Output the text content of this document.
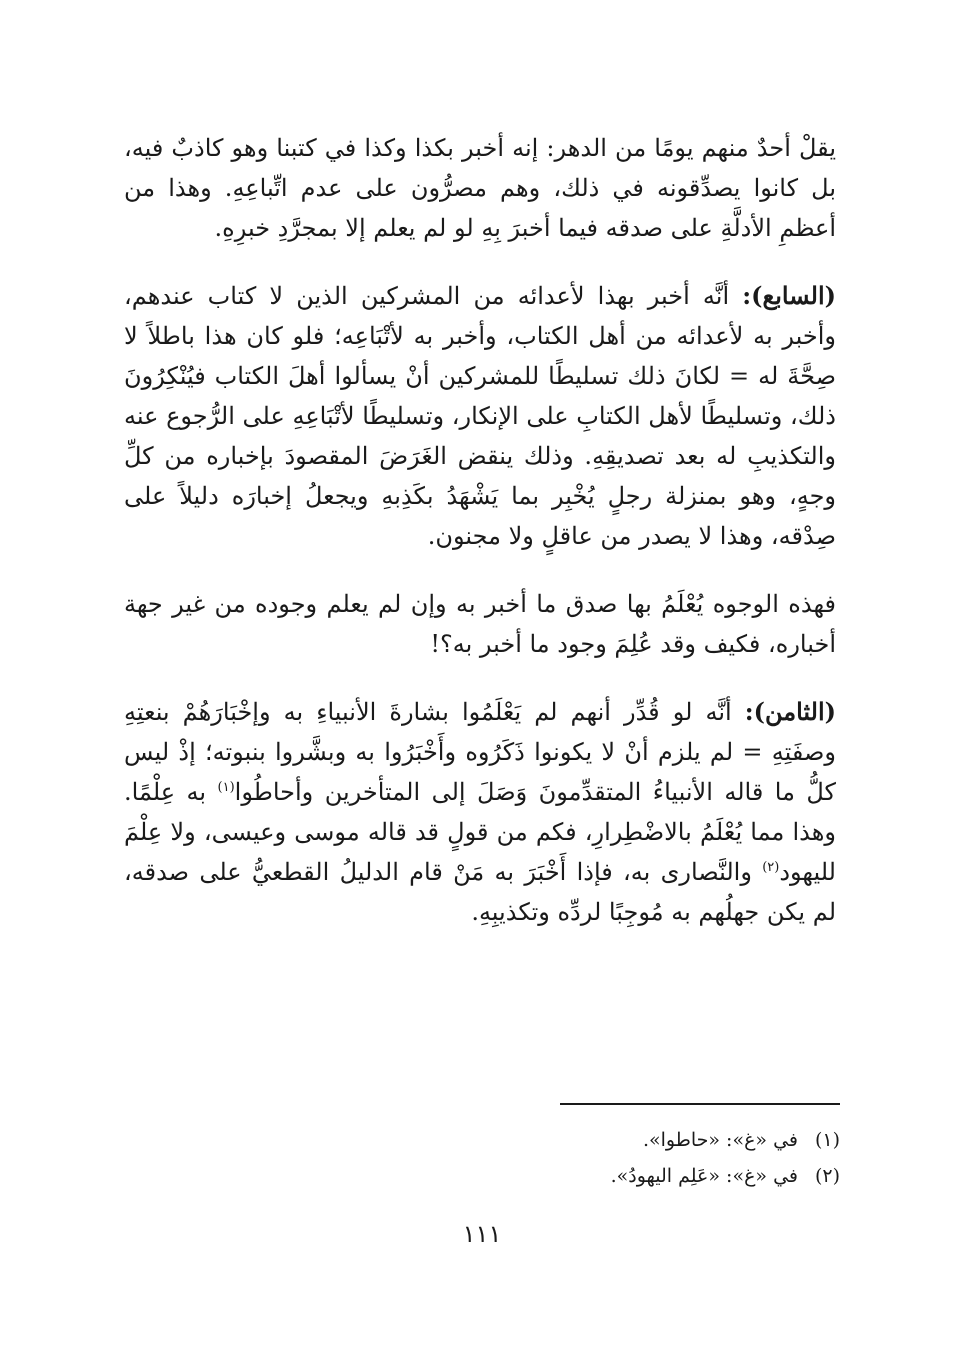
يقلْ أحدٌ منهم يومًا من الدهر: إنه أخبر بكذا وكذا في كتبنا وهو كاذبٌ فيه، بل كانوا يصدِّقونه في ذلك، وهم مصرُّون على عدم اتِّباعِهِ. وهذا من أعظمِ الأدلَّةِ على صدقه فيما أخبرَ بِهِ لو لم يعلم إلا بمجرَّدِ خبرِهِ.

(السابع): أنَّه أخبر بهذا لأعدائه من المشركين الذين لا كتاب عندهم، وأخبر به لأعدائه من أهل الكتاب، وأخبر به لأتْبَاعِه؛ فلو كان هذا باطلاً لا صِحَّةَ له = لكانَ ذلك تسليطًا للمشركين أنْ يسألوا أهلَ الكتاب فيُنْكِرُونَ ذلك، وتسليطًا لأهل الكتابِ على الإنكار، وتسليطًا لأتْبَاعِهِ على الرُّجوع عنه والتكذيبِ له بعد تصديقِهِ. وذلك ينقض الغَرَضَ المقصودَ بإخباره من كلِّ وجهٍ، وهو بمنزلة رجلٍ يُخْبِر بما يَشْهَدُ بكَذِبهِ ويجعلُ إخبارَه دليلاً على صِدْقه، وهذا لا يصدر من عاقلٍ ولا مجنون.

فهذه الوجوه يُعْلَمُ بها صدق ما أخبر به وإن لم يعلم وجوده من غير جهة أخباره، فكيف وقد عُلِمَ وجود ما أخبر به؟!

(الثامن): أنَّه لو قُدِّر أنهم لم يَعْلَمُوا بشارةَ الأنبياءِ به وإخْبَارَهُمْ بنعتِهِ وصفَتِهِ = لم يلزم أنْ لا يكونوا ذَكَرُوه وأَخْبَرُوا به وبشَّروا بنبوته؛ إذْ ليس كلُّ ما قاله الأنبياءُ المتقدِّمونَ وَصَلَ إلى المتأخرين وأحاطُوا$^{(١)}$ به عِلْمًا. وهذا مما يُعْلَمُ بالاضْطِرارِ، فكم من قولٍ قد قاله موسى وعيسى، ولا عِلْمَ لليهود$^{(٢)}$ والنَّصارى به، فإذا أَخْبَرَ به مَنْ قام الدليلُ القطعيُّ على صدقه، لم يكن جهلُهم به مُوجِبًا لردِّه وتكذيبِهِ.

(١)في «غ»: «حاطوا».

(٢)في «غ»: «عَلِم اليهودُ».

١١١
